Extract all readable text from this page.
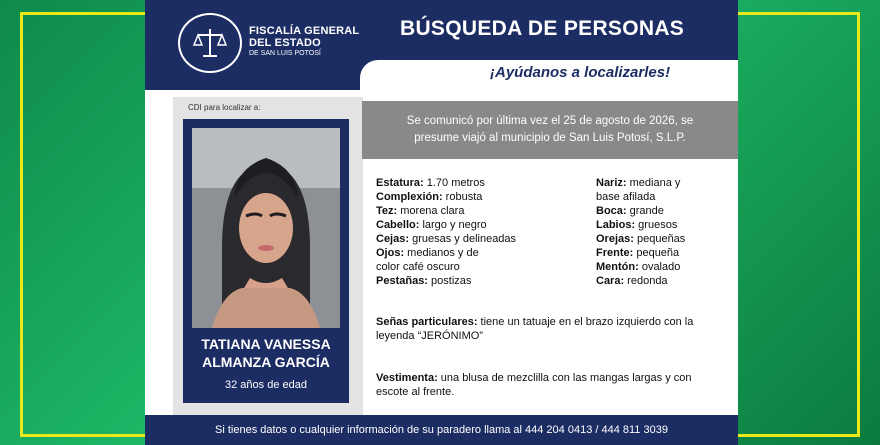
FISCALÍA GENERAL
DEL ESTADO
DE SAN LUIS POTOSÍ
BÚSQUEDA DE PERSONAS
¡Ayúdanos a localizarles!
CDI para localizar a:
TATIANA VANESSA
ALMANZA GARCÍA
32 años de edad
Se comunicó por última vez el 25 de agosto de 2026, se
presume viajó al municipio de San Luis Potosí, S.L.P.
Estatura: 1.70 metros
Complexión: robusta
Tez: morena clara
Cabello: largo y negro
Cejas: gruesas y delineadas
Ojos: medianos y de
color café oscuro
Pestañas: postizas
Nariz: mediana y
base afilada
Boca: grande
Labios: gruesos
Orejas: pequeñas
Frente: pequeña
Mentón: ovalado
Cara: redonda
Señas particulares: tiene un tatuaje en el brazo izquierdo con la leyenda “JERÓNIMO”
Vestimenta: una blusa de mezclilla con las mangas largas y con escote al frente.
Si tienes datos o cualquier información de su paradero llama al 444 204 0413 / 444 811 3039
